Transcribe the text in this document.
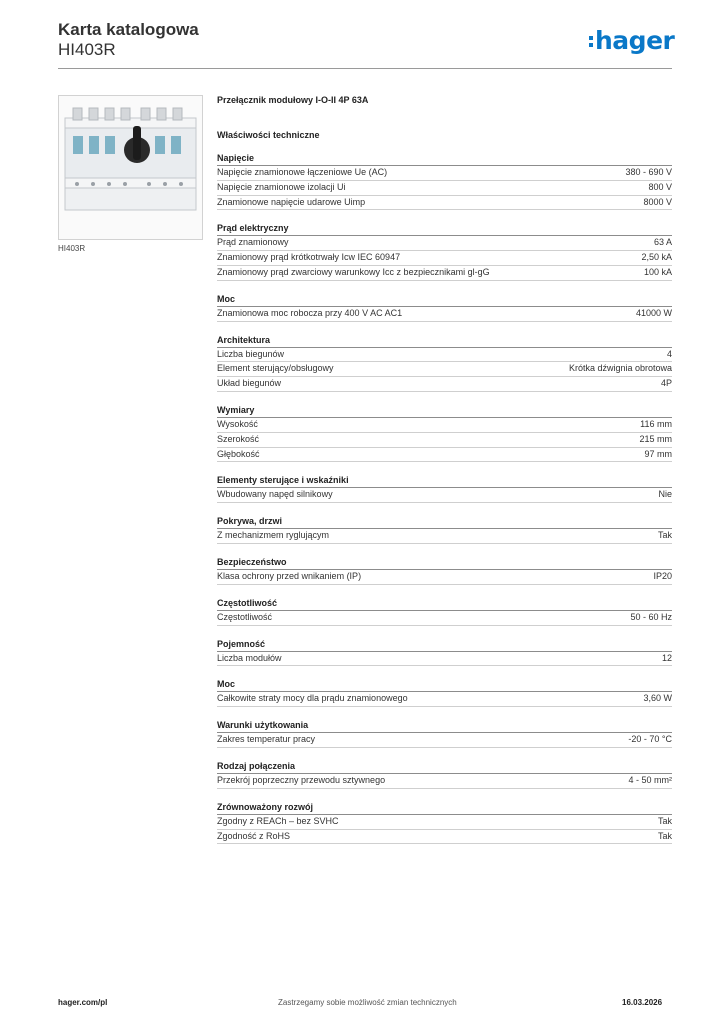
Karta katalogowa
HI403R	hager
HI403R
Przełącznik modułowy I-O-II 4P 63A
Właściwości techniczne
Napięcie
Napięcie znamionowe łączeniowe Ue (AC)	380 - 690 V
Napięcie znamionowe izolacji Ui	800 V
Znamionowe napięcie udarowe Uimp	8000 V
Prąd elektryczny
Prąd znamionowy	63 A
Znamionowy prąd krótkotrwały Icw IEC 60947	2,50 kA
Znamionowy prąd zwarciowy warunkowy Icc z bezpiecznikami gl-gG	100 kA
Moc
Znamionowa moc robocza przy 400 V AC AC1	41000 W
Architektura
Liczba biegunów	4
Element sterujący/obsługowy	Krótka dźwignia obrotowa
Układ biegunów	4P
Wymiary
Wysokość	116 mm
Szerokość	215 mm
Głębokość	97 mm
Elementy sterujące i wskaźniki
Wbudowany napęd silnikowy	Nie
Pokrywa, drzwi
Z mechanizmem ryglującym	Tak
Bezpieczeństwo
Klasa ochrony przed wnikaniem (IP)	IP20
Częstotliwość
Częstotliwość	50 - 60 Hz
Pojemność
Liczba modułów	12
Moc
Całkowite straty mocy dla prądu znamionowego	3,60 W
Warunki użytkowania
Zakres temperatur pracy	-20 - 70 °C
Rodzaj połączenia
Przekrój poprzeczny przewodu sztywnego	4 - 50 mm²
Zrównoważony rozwój
Zgodny z REACh – bez SVHC	Tak
Zgodność z RoHS	Tak
hager.com/pl	Zastrzegamy sobie możliwość zmian technicznych	16.03.2026
